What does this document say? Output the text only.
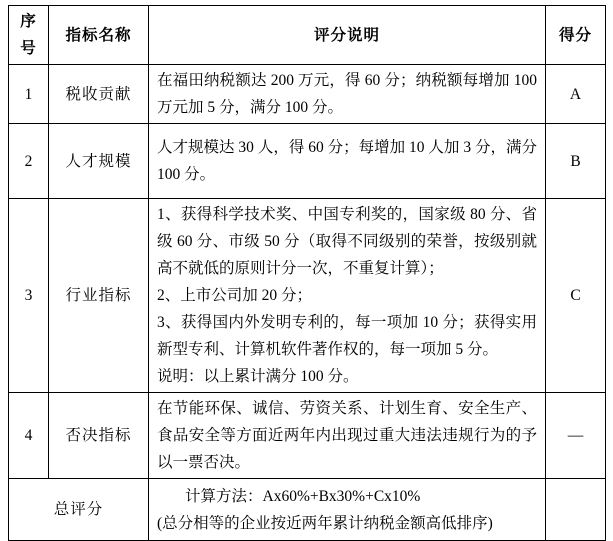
序号	指标名称	评分说明	得分
1	税收贡献	在福田纳税额达 200 万元，得 60 分；纳税额每增加 100 万元加 5 分，满分 100 分。	A
2	人才规模	人才规模达 30 人，得 60 分；每增加 10 人加 3 分，满分 100 分。	B
3	行业指标	1、获得科学技术奖、中国专利奖的，国家级 80 分、省级 60 分、市级 50 分（取得不同级别的荣誉，按级别就高不就低的原则计分一次，不重复计算）；

2、上市公司加 20 分；

3、获得国内外发明专利的，每一项加 10 分；获得实用新型专利、计算机软件著作权的，每一项加 5 分。

说明：以上累计满分 100 分。	C
4	否决指标	在节能环保、诚信、劳资关系、计划生育、安全生产、食品安全等方面近两年内出现过重大违法违规行为的予以一票否决。	—
总评分		计算方法：Ax60%+Bx30%+Cx10%

(总分相等的企业按近两年累计纳税金额高低排序)	
